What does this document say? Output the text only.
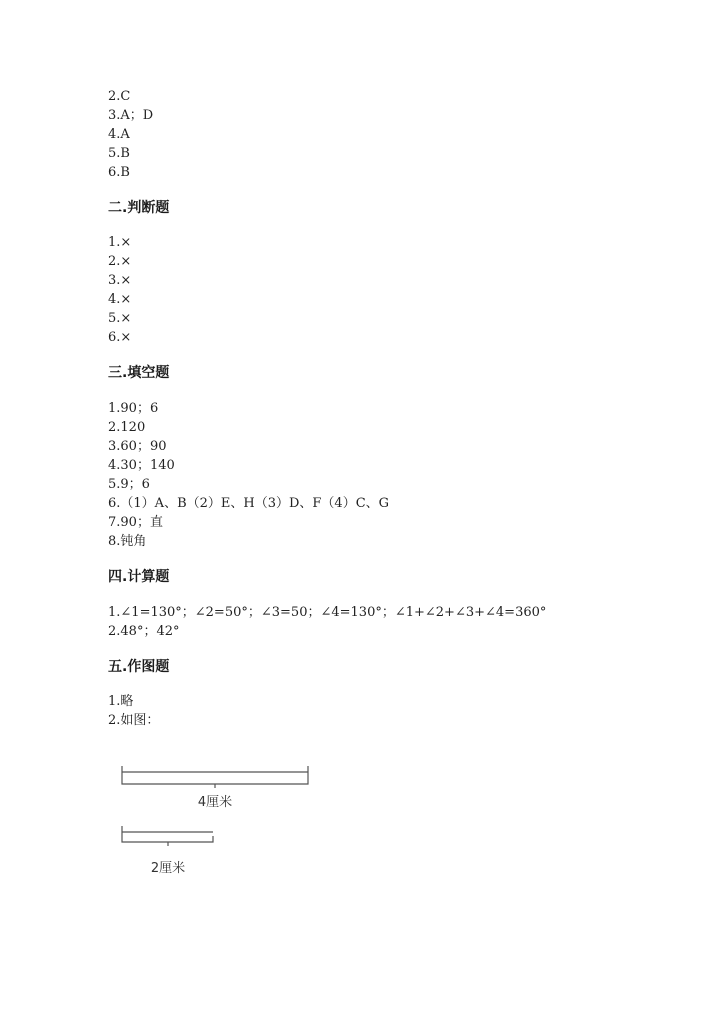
2.C
3.A；D
4.A
5.B
6.B
二.判断题
1.×
2.×
3.×
4.×
5.×
6.×
三.填空题
1.90；6
2.120
3.60；90
4.30；140
5.9；6
6.（1）A、B（2）E、H（3）D、F（4）C、G
7.90；直
8.钝角
四.计算题
1.∠1=130°；∠2=50°；∠3=50；∠4=130°；∠1+∠2+∠3+∠4=360°
2.48°；42°
五.作图题
1.略
2.如图：
4厘米
2厘米
